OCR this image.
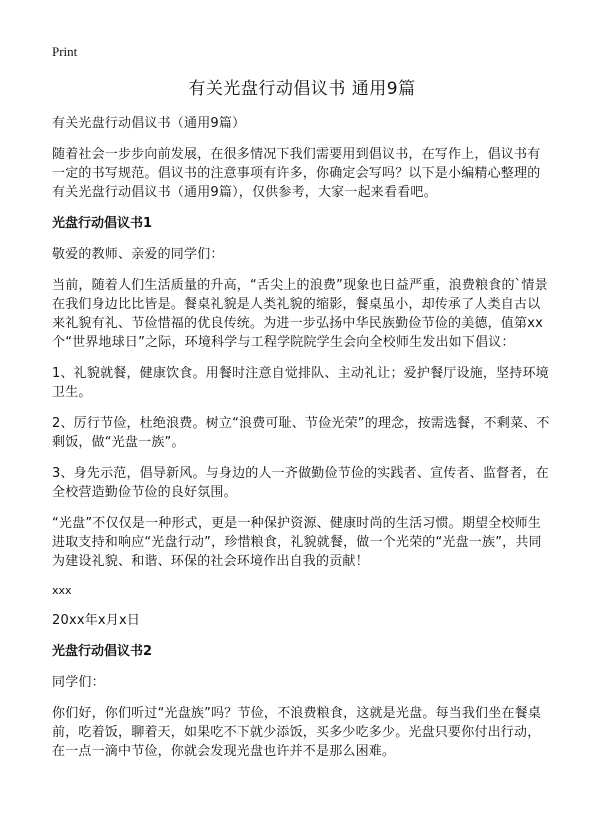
Print
有关光盘行动倡议书 通用9篇

有关光盘行动倡议书（通用9篇）

随着社会一步步向前发展，在很多情况下我们需要用到倡议书，在写作上，倡议书有一定的书写规范。倡议书的注意事项有许多，你确定会写吗？以下是小编精心整理的有关光盘行动倡议书（通用9篇），仅供参考，大家一起来看看吧。

光盘行动倡议书1

敬爱的教师、亲爱的同学们：

当前，随着人们生活质量的升高，“舌尖上的浪费”现象也日益严重，浪费粮食的`情景在我们身边比比皆是。餐桌礼貌是人类礼貌的缩影，餐桌虽小，却传承了人类自古以来礼貌有礼、节俭惜福的优良传统。为进一步弘扬中华民族勤俭节俭的美德，值第xx个“世界地球日”之际，环境科学与工程学院院学生会向全校师生发出如下倡议：

1、礼貌就餐，健康饮食。用餐时注意自觉排队、主动礼让；爱护餐厅设施，坚持环境卫生。

2、厉行节俭，杜绝浪费。树立“浪费可耻、节俭光荣”的理念，按需选餐，不剩菜、不剩饭，做“光盘一族”。

3、身先示范，倡导新风。与身边的人一齐做勤俭节俭的实践者、宣传者、监督者，在全校营造勤俭节俭的良好氛围。

“光盘”不仅仅是一种形式，更是一种保护资源、健康时尚的生活习惯。期望全校师生进取支持和响应“光盘行动”，珍惜粮食，礼貌就餐，做一个光荣的“光盘一族”，共同为建设礼貌、和谐、环保的社会环境作出自我的贡献！

xxx

20xx年x月x日

光盘行动倡议书2

同学们：

你们好，你们听过“光盘族”吗？节俭，不浪费粮食，这就是光盘。每当我们坐在餐桌前，吃着饭，聊着天，如果吃不下就少添饭，买多少吃多少。光盘只要你付出行动，在一点一滴中节俭，你就会发现光盘也许并不是那么困难。
